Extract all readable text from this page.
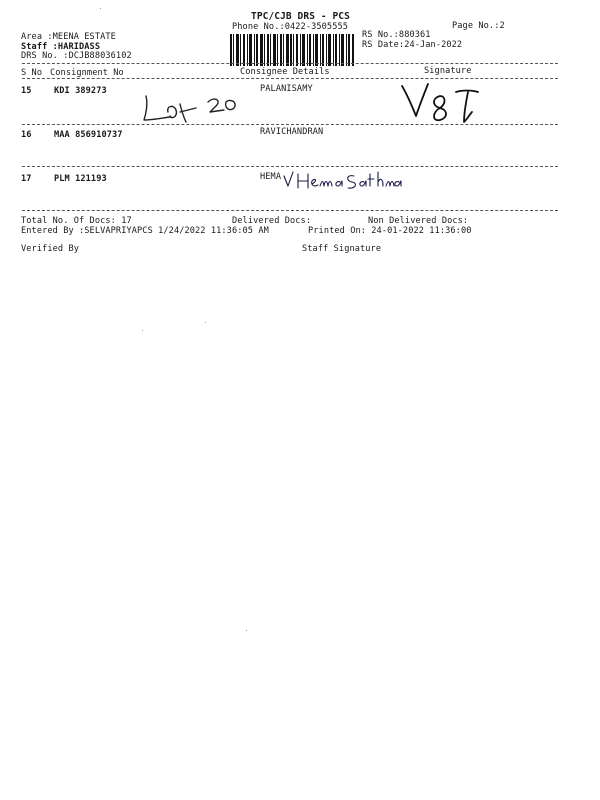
TPC/CJB DRS - PCS
Phone No.:0422-3505555	Page No.:2
Area :MEENA ESTATE
Staff :HARIDASS
DRS No. :DCJB88036102
RS No.:880361
RS Date:24-Jan-2022
S No Consignment No	Consignee Details	Signature
15	KDI 389273	PALANISAMY
16	MAA 856910737	RAVICHANDRAN
17	PLM 121193	HEMA
Total No. Of Docs: 17	Delivered Docs:	Non Delivered Docs:
Entered By :SELVAPRIYAPCS 1/24/2022 11:36:05 AM	Printed On: 24-01-2022 11:36:00
Verified By	Staff Signature
